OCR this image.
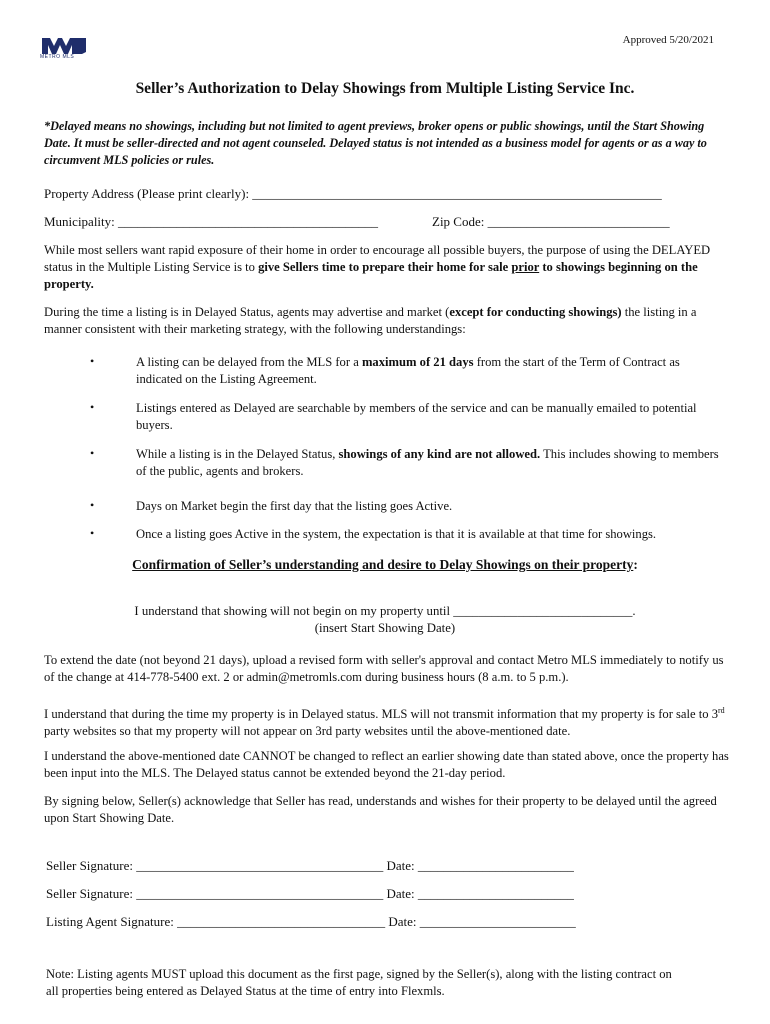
METRO MLS
Approved 5/20/2021
Seller’s Authorization to Delay Showings from Multiple Listing Service Inc.
*Delayed means no showings, including but not limited to agent previews, broker opens or public showings, until the Start Showing Date. It must be seller-directed and not agent counseled. Delayed status is not intended as a business model for agents or as a way to circumvent MLS policies or rules.
Property Address (Please print clearly): _______________________________________________________________
Municipality: ________________________________________	Zip Code: ____________________________
While most sellers want rapid exposure of their home in order to encourage all possible buyers, the purpose of using the DELAYED status in the Multiple Listing Service is to give Sellers time to prepare their home for sale prior to showings beginning on the property.
During the time a listing is in Delayed Status, agents may advertise and market (except for conducting showings) the listing in a manner consistent with their marketing strategy, with the following understandings:
•	A listing can be delayed from the MLS for a maximum of 21 days from the start of the Term of Contract as indicated on the Listing Agreement.
•	Listings entered as Delayed are searchable by members of the service and can be manually emailed to potential buyers.
•	While a listing is in the Delayed Status, showings of any kind are not allowed. This includes showing to members of the public, agents and brokers.
•	Days on Market begin the first day that the listing goes Active.
•	Once a listing goes Active in the system, the expectation is that it is available at that time for showings.
Confirmation of Seller’s understanding and desire to Delay Showings on their property:
I understand that showing will not begin on my property until ____________________________.
(insert Start Showing Date)
To extend the date (not beyond 21 days), upload a revised form with seller's approval and contact Metro MLS immediately to notify us of the change at 414-778-5400 ext. 2 or admin@metromls.com during business hours (8 a.m. to 5 p.m.).
I understand that during the time my property is in Delayed status. MLS will not transmit information that my property is for sale to 3rd party websites so that my property will not appear on 3rd party websites until the above-mentioned date.
I understand the above-mentioned date CANNOT be changed to reflect an earlier showing date than stated above, once the property has been input into the MLS. The Delayed status cannot be extended beyond the 21-day period.
By signing below, Seller(s) acknowledge that Seller has read, understands and wishes for their property to be delayed until the agreed upon Start Showing Date.
Seller Signature: ______________________________________ Date: ________________________
Seller Signature: ______________________________________ Date: ________________________
Listing Agent Signature: ________________________________ Date: ________________________
Note: Listing agents MUST upload this document as the first page, signed by the Seller(s), along with the listing contract on all properties being entered as Delayed Status at the time of entry into Flexmls.
